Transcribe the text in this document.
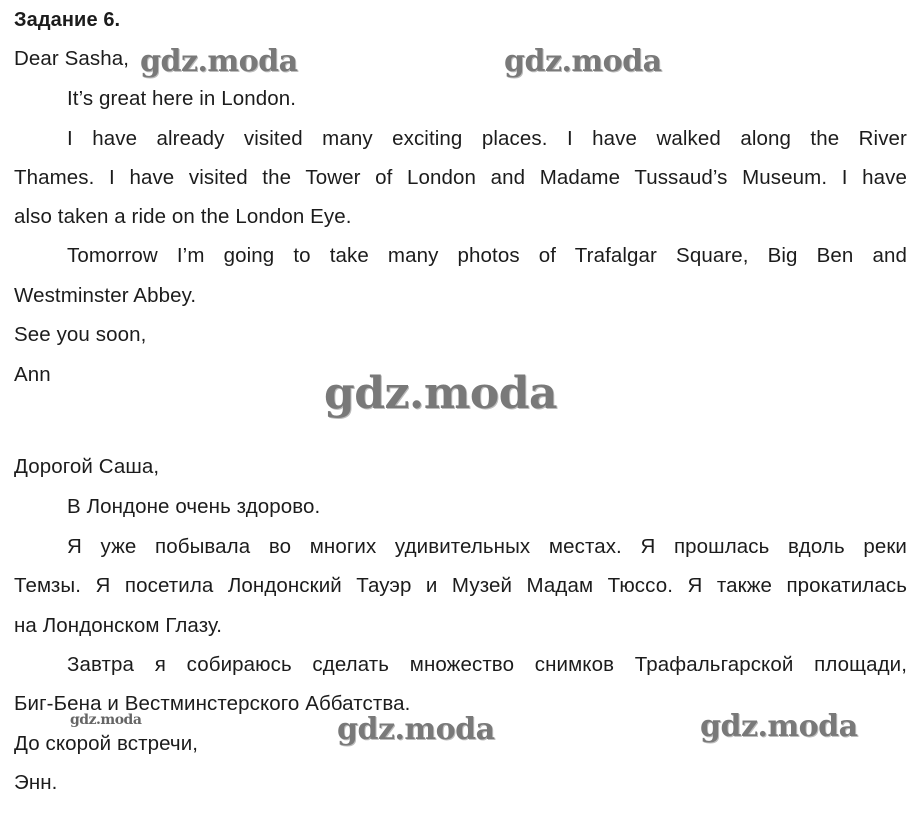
Задание 6.
Dear Sasha,
It’s great here in London.
I have already visited many exciting places. I have walked along the River
Thames. I have visited the Tower of London and Madame Tussaud’s Museum. I have
also taken a ride on the London Eye.
Tomorrow I’m going to take many photos of Trafalgar Square, Big Ben and
Westminster Abbey.
See you soon,
Ann
Дорогой Саша,
В Лондоне очень здорово.
Я уже побывала во многих удивительных местах. Я прошлась вдоль реки
Темзы. Я посетила Лондонский Тауэр и Музей Мадам Тюссо. Я также прокатилась
на Лондонском Глазу.
Завтра я собираюсь сделать множество снимков Трафальгарской площади,
Биг-Бена и Вестминстерского Аббатства.
До скорой встречи,
Энн.
gdz.moda	gdz.moda
gdz.moda
gdz.moda	gdz.moda	gdz.moda
